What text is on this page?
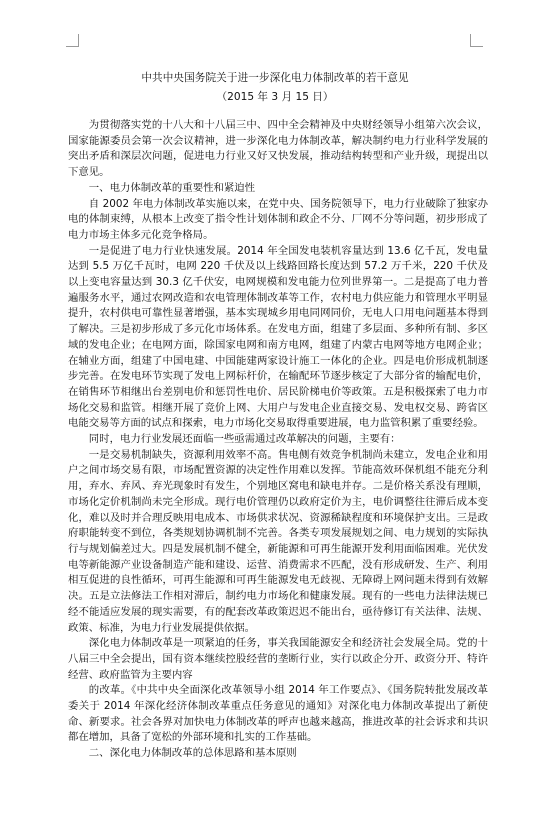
中共中央国务院关于进一步深化电力体制改革的若干意见
（2015 年 3 月 15 日）

为贯彻落实党的十八大和十八届三中、四中全会精神及中央财经领导小组第六次会议，国家能源委员会第一次会议精神，进一步深化电力体制改革，解决制约电力行业科学发展的突出矛盾和深层次问题，促进电力行业又好又快发展，推动结构转型和产业升级，现提出以下意见。

一、电力体制改革的重要性和紧迫性

自 2002 年电力体制改革实施以来，在党中央、国务院领导下，电力行业破除了独家办电的体制束缚，从根本上改变了指令性计划体制和政企不分、厂网不分等问题，初步形成了电力市场主体多元化竞争格局。

一是促进了电力行业快速发展。2014 年全国发电装机容量达到 13.6 亿千瓦，发电量达到 5.5 万亿千瓦时，电网 220 千伏及以上线路回路长度达到 57.2 万千米，220 千伏及以上变电容量达到 30.3 亿千伏安，电网规模和发电能力位列世界第一。二是提高了电力普遍服务水平，通过农网改造和农电管理体制改革等工作，农村电力供应能力和管理水平明显提升，农村供电可靠性显著增强，基本实现城乡用电同网同价，无电人口用电问题基本得到了解决。三是初步形成了多元化市场体系。在发电方面，组建了多层面、多种所有制、多区域的发电企业；在电网方面，除国家电网和南方电网，组建了内蒙古电网等地方电网企业；在辅业方面，组建了中国电建、中国能建两家设计施工一体化的企业。四是电价形成机制逐步完善。在发电环节实现了发电上网标杆价，在输配环节逐步核定了大部分省的输配电价，在销售环节相继出台差别电价和惩罚性电价、居民阶梯电价等政策。五是积极探索了电力市场化交易和监管。相继开展了竞价上网、大用户与发电企业直接交易、发电权交易、跨省区电能交易等方面的试点和探索，电力市场化交易取得重要进展，电力监管积累了重要经验。

同时，电力行业发展还面临一些亟需通过改革解决的问题，主要有：

一是交易机制缺失，资源利用效率不高。售电侧有效竞争机制尚未建立，发电企业和用户之间市场交易有限，市场配置资源的决定性作用难以发挥。节能高效环保机组不能充分利用，弃水、弃风、弃光现象时有发生，个别地区窝电和缺电并存。二是价格关系没有理顺，市场化定价机制尚未完全形成。现行电价管理仍以政府定价为主，电价调整往往滞后成本变化，难以及时并合理反映用电成本、市场供求状况、资源稀缺程度和环境保护支出。三是政府职能转变不到位，各类规划协调机制不完善。各类专项发展规划之间、电力规划的实际执行与规划偏差过大。四是发展机制不健全，新能源和可再生能源开发利用面临困难。光伏发电等新能源产业设备制造产能和建设、运营、消费需求不匹配，没有形成研发、生产、利用相互促进的良性循环，可再生能源和可再生能源发电无歧视、无障碍上网问题未得到有效解决。五是立法修法工作相对滞后，制约电力市场化和健康发展。现有的一些电力法律法规已经不能适应发展的现实需要，有的配套改革政策迟迟不能出台，亟待修订有关法律、法规、政策、标准，为电力行业发展提供依据。

深化电力体制改革是一项紧迫的任务，事关我国能源安全和经济社会发展全局。党的十八届三中全会提出，国有资本继续控股经营的垄断行业，实行以政企分开、政资分开、特许经营、政府监管为主要内容

的改革。《中共中央全面深化改革领导小组 2014 年工作要点》、《国务院转批发展改革委关于 2014 年深化经济体制改革重点任务意见的通知》对深化电力体制改革提出了新使命、新要求。社会各界对加快电力体制改革的呼声也越来越高，推进改革的社会诉求和共识都在增加，具备了宽松的外部环境和扎实的工作基础。

二、深化电力体制改革的总体思路和基本原则
